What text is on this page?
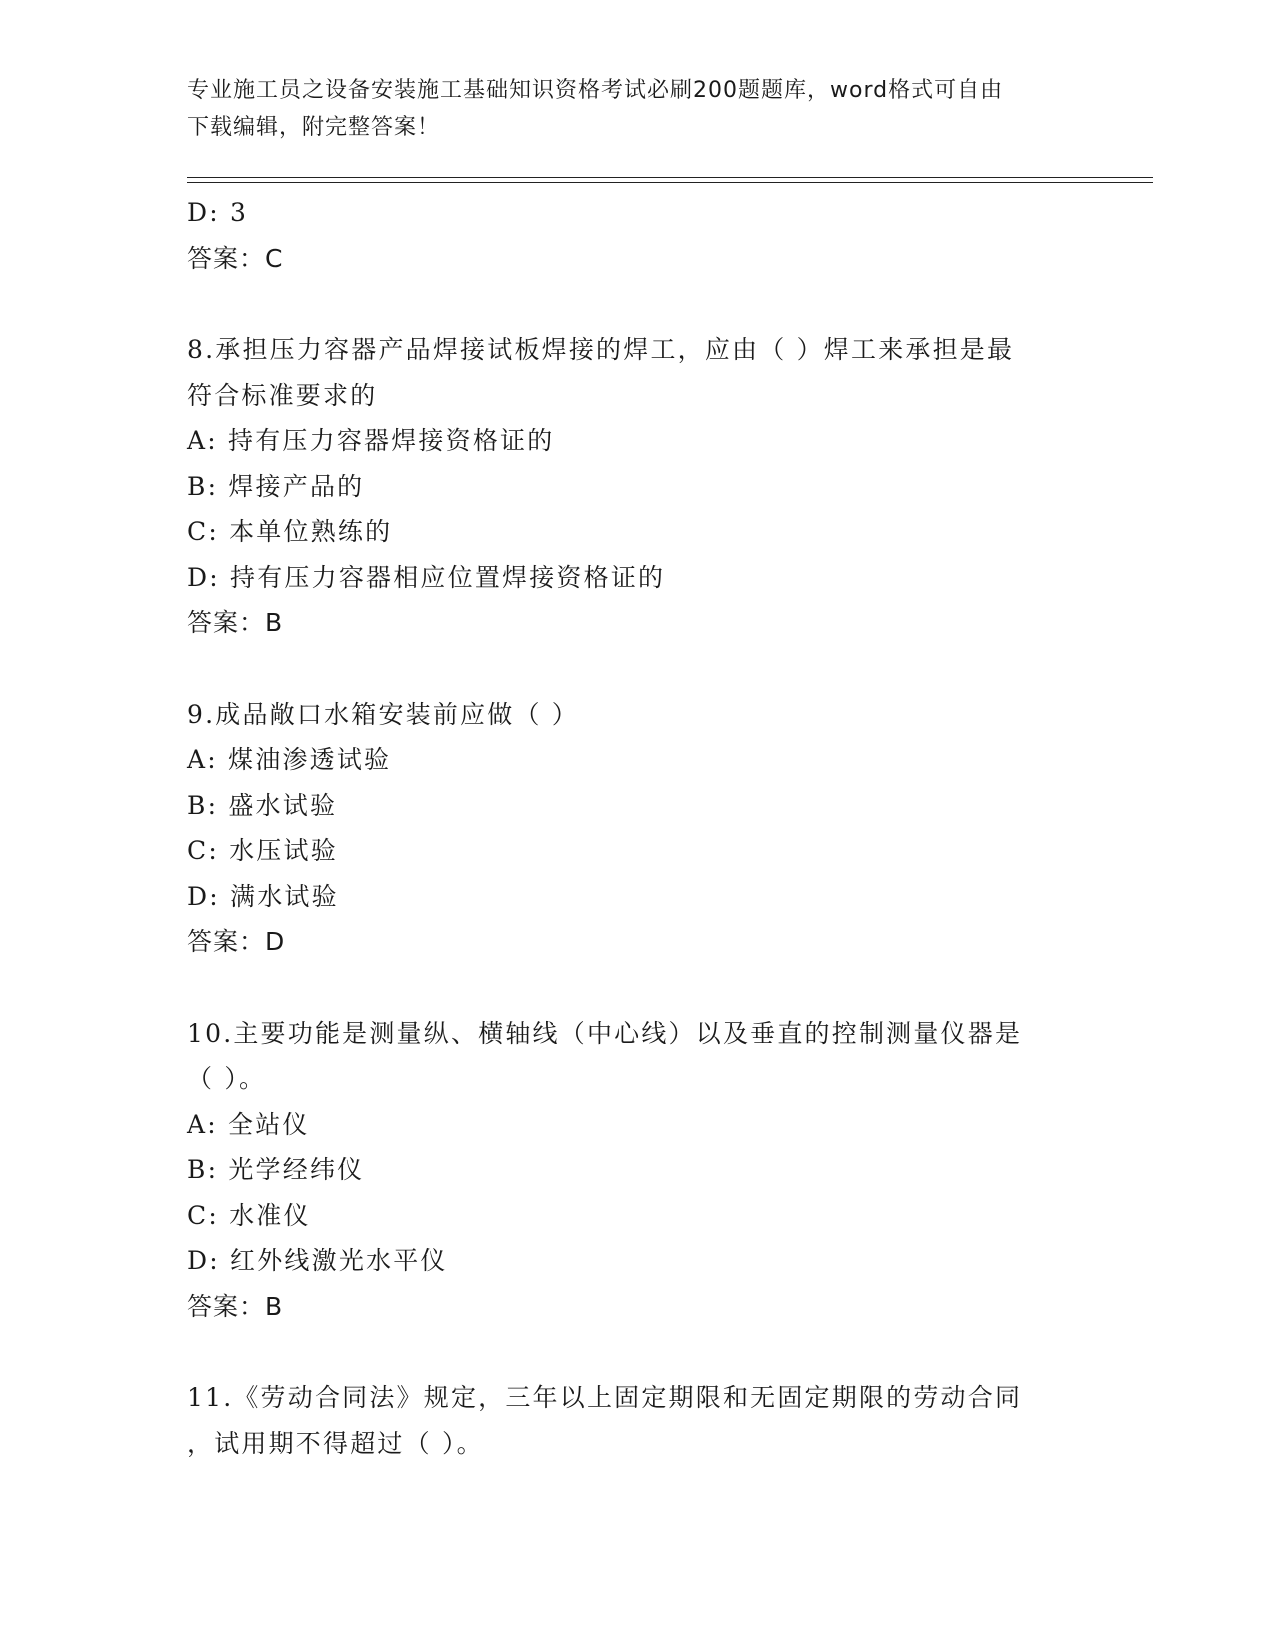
专业施工员之设备安装施工基础知识资格考试必刷200题题库，word格式可自由
下载编辑，附完整答案！
D: 3
答案：C
8.承担压力容器产品焊接试板焊接的焊工，应由（ ）焊工来承担是最
符合标准要求的
A: 持有压力容器焊接资格证的
B: 焊接产品的
C: 本单位熟练的
D: 持有压力容器相应位置焊接资格证的
答案：B
9.成品敞口水箱安装前应做（ ）
A: 煤油渗透试验
B: 盛水试验
C: 水压试验
D: 满水试验
答案：D
10.主要功能是测量纵、横轴线（中心线）以及垂直的控制测量仪器是
（ ）。
A: 全站仪
B: 光学经纬仪
C: 水准仪
D: 红外线激光水平仪
答案：B
11.《劳动合同法》规定，三年以上固定期限和无固定期限的劳动合同
，试用期不得超过（ ）。
